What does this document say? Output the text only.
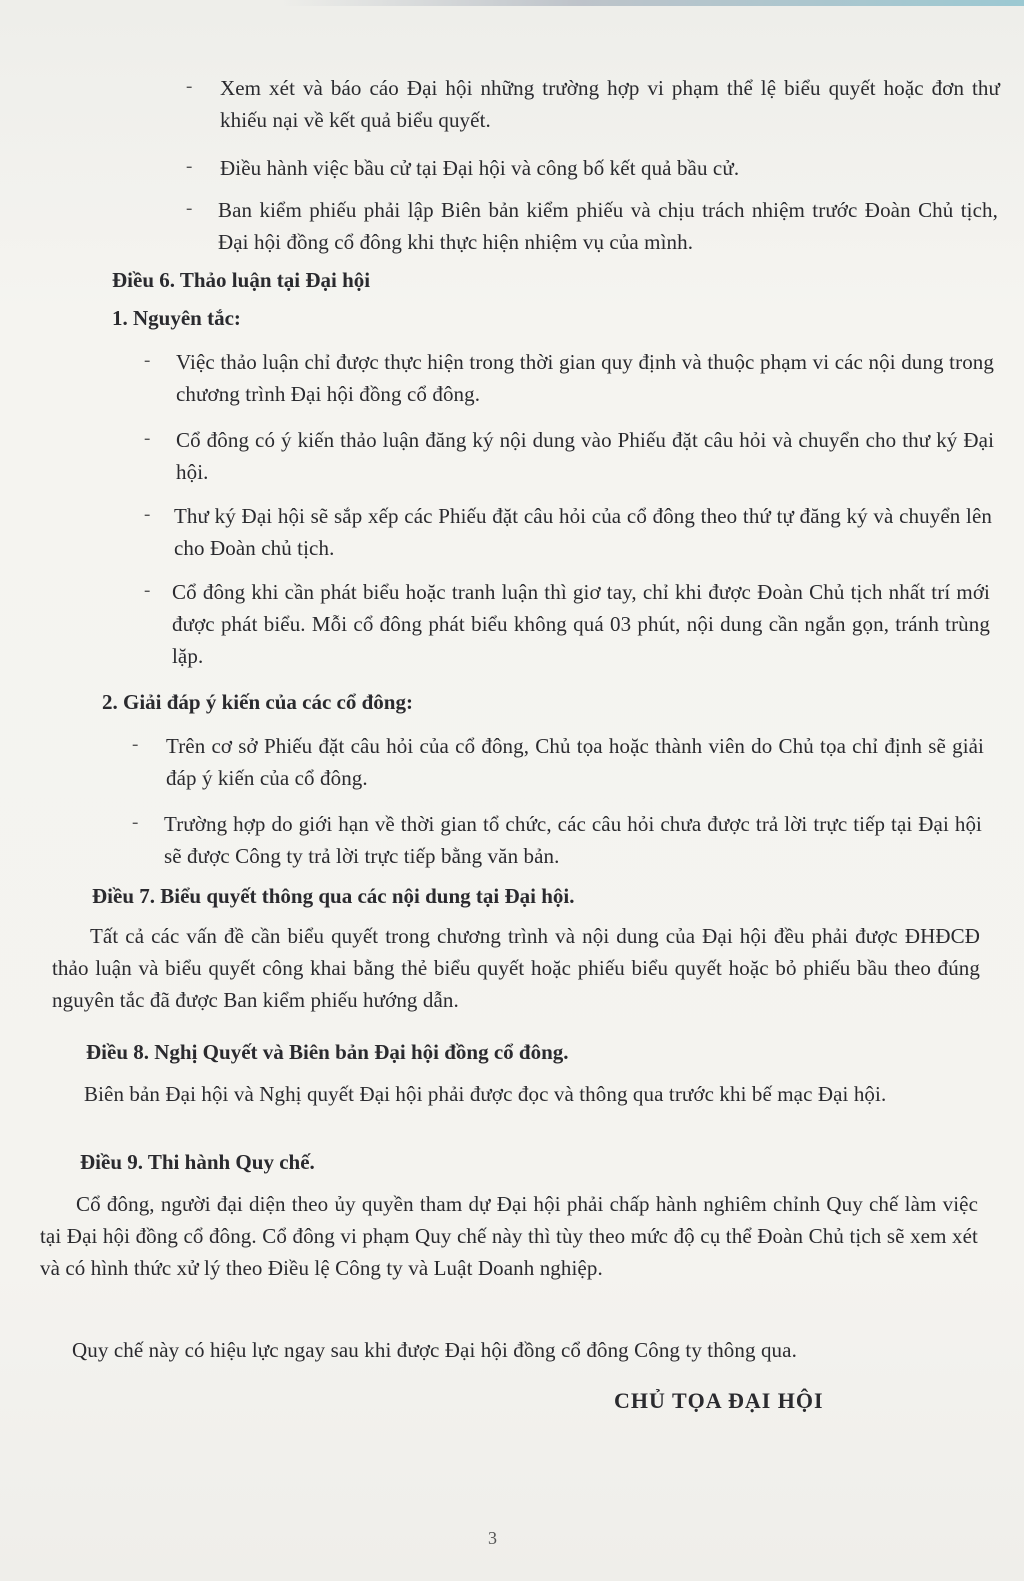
- Xem xét và báo cáo Đại hội những trường hợp vi phạm thể lệ biểu quyết hoặc đơn thư khiếu nại về kết quả biểu quyết.
- Điều hành việc bầu cử tại Đại hội và công bố kết quả bầu cử.
- Ban kiểm phiếu phải lập Biên bản kiểm phiếu và chịu trách nhiệm trước Đoàn Chủ tịch, Đại hội đồng cổ đông khi thực hiện nhiệm vụ của mình.
Điều 6. Thảo luận tại Đại hội
1. Nguyên tắc:
- Việc thảo luận chỉ được thực hiện trong thời gian quy định và thuộc phạm vi các nội dung trong chương trình Đại hội đồng cổ đông.
- Cổ đông có ý kiến thảo luận đăng ký nội dung vào Phiếu đặt câu hỏi và chuyển cho thư ký Đại hội.
- Thư ký Đại hội sẽ sắp xếp các Phiếu đặt câu hỏi của cổ đông theo thứ tự đăng ký và chuyển lên cho Đoàn chủ tịch.
- Cổ đông khi cần phát biểu hoặc tranh luận thì giơ tay, chỉ khi được Đoàn Chủ tịch nhất trí mới được phát biểu. Mỗi cổ đông phát biểu không quá 03 phút, nội dung cần ngắn gọn, tránh trùng lặp.
2. Giải đáp ý kiến của các cổ đông:
- Trên cơ sở Phiếu đặt câu hỏi của cổ đông, Chủ tọa hoặc thành viên do Chủ tọa chỉ định sẽ giải đáp ý kiến của cổ đông.
- Trường hợp do giới hạn về thời gian tổ chức, các câu hỏi chưa được trả lời trực tiếp tại Đại hội sẽ được Công ty trả lời trực tiếp bằng văn bản.
Điều 7. Biểu quyết thông qua các nội dung tại Đại hội.
Tất cả các vấn đề cần biểu quyết trong chương trình và nội dung của Đại hội đều phải được ĐHĐCĐ thảo luận và biểu quyết công khai bằng thẻ biểu quyết hoặc phiếu biểu quyết hoặc bỏ phiếu bầu theo đúng nguyên tắc đã được Ban kiểm phiếu hướng dẫn.
Điều 8. Nghị Quyết và Biên bản Đại hội đồng cổ đông.
Biên bản Đại hội và Nghị quyết Đại hội phải được đọc và thông qua trước khi bế mạc Đại hội.
Điều 9. Thi hành Quy chế.
Cổ đông, người đại diện theo ủy quyền tham dự Đại hội phải chấp hành nghiêm chỉnh Quy chế làm việc tại Đại hội đồng cổ đông. Cổ đông vi phạm Quy chế này thì tùy theo mức độ cụ thể Đoàn Chủ tịch sẽ xem xét và có hình thức xử lý theo Điều lệ Công ty và Luật Doanh nghiệp.
Quy chế này có hiệu lực ngay sau khi được Đại hội đồng cổ đông Công ty thông qua.
CHỦ TỌA ĐẠI HỘI
3
